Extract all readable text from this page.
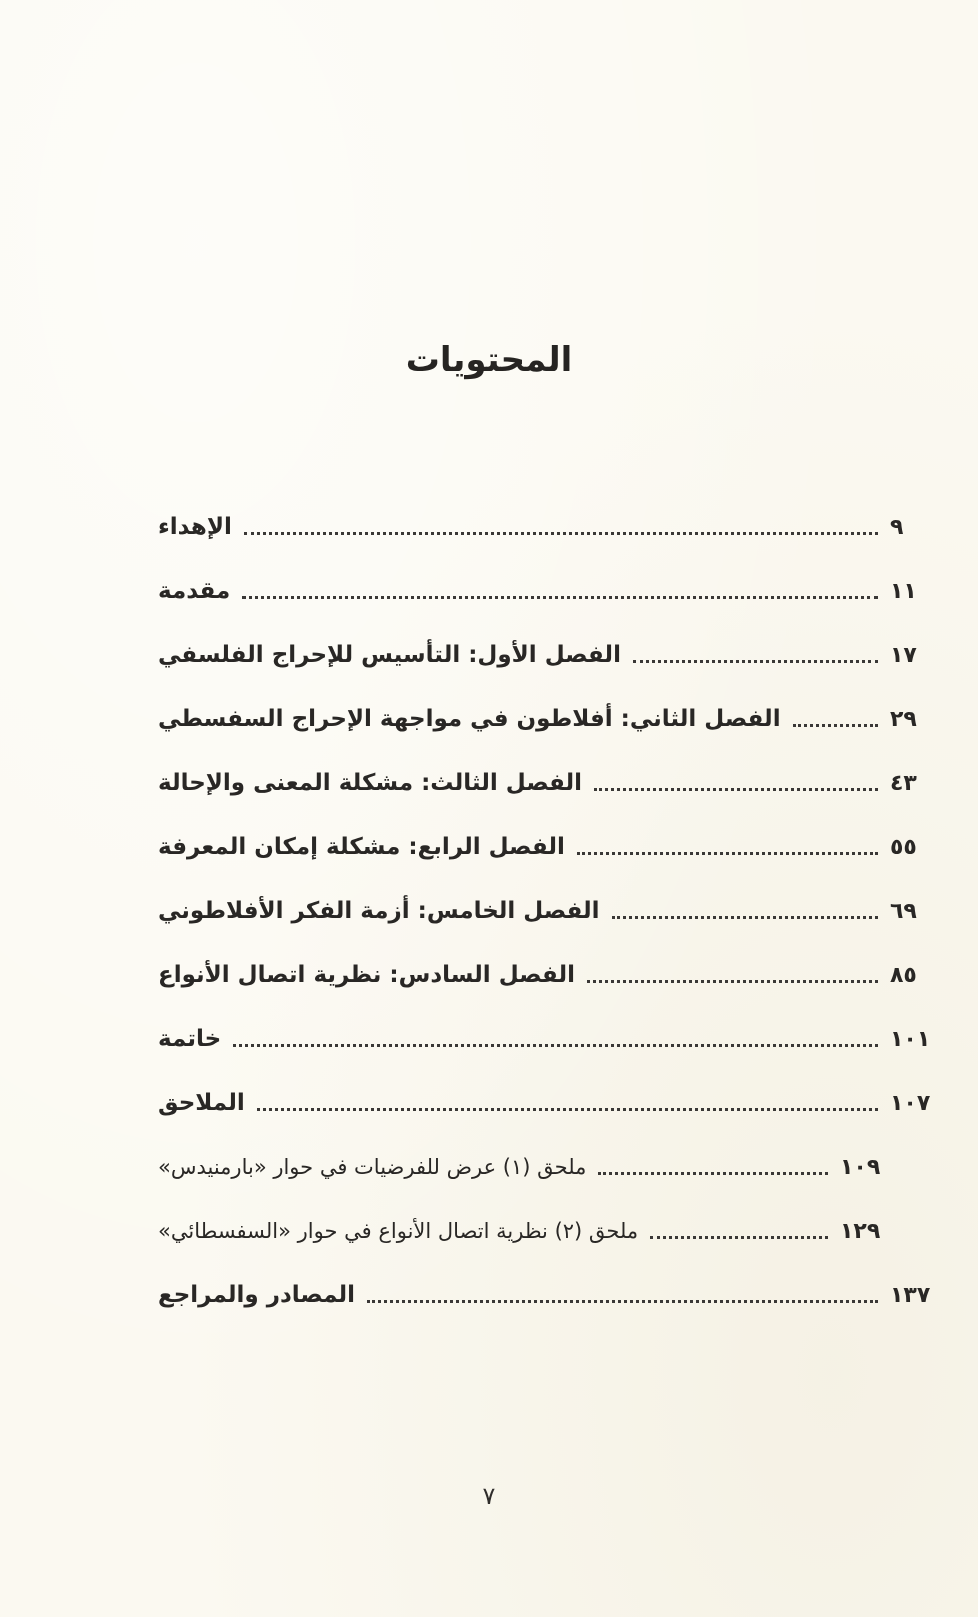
المحتويات
الإهداء	٩
مقدمة	١١
الفصل الأول: التأسيس للإحراج الفلسفي	١٧
الفصل الثاني: أفلاطون في مواجهة الإحراج السفسطي	٢٩
الفصل الثالث: مشكلة المعنى والإحالة	٤٣
الفصل الرابع: مشكلة إمكان المعرفة	٥٥
الفصل الخامس: أزمة الفكر الأفلاطوني	٦٩
الفصل السادس: نظرية اتصال الأنواع	٨٥
خاتمة	١٠١
الملاحق	١٠٧
ملحق (١) عرض للفرضيات في حوار «بارمنيدس»	١٠٩
ملحق (٢) نظرية اتصال الأنواع في حوار «السفسطائي»	١٢٩
المصادر والمراجع	١٣٧
٧
